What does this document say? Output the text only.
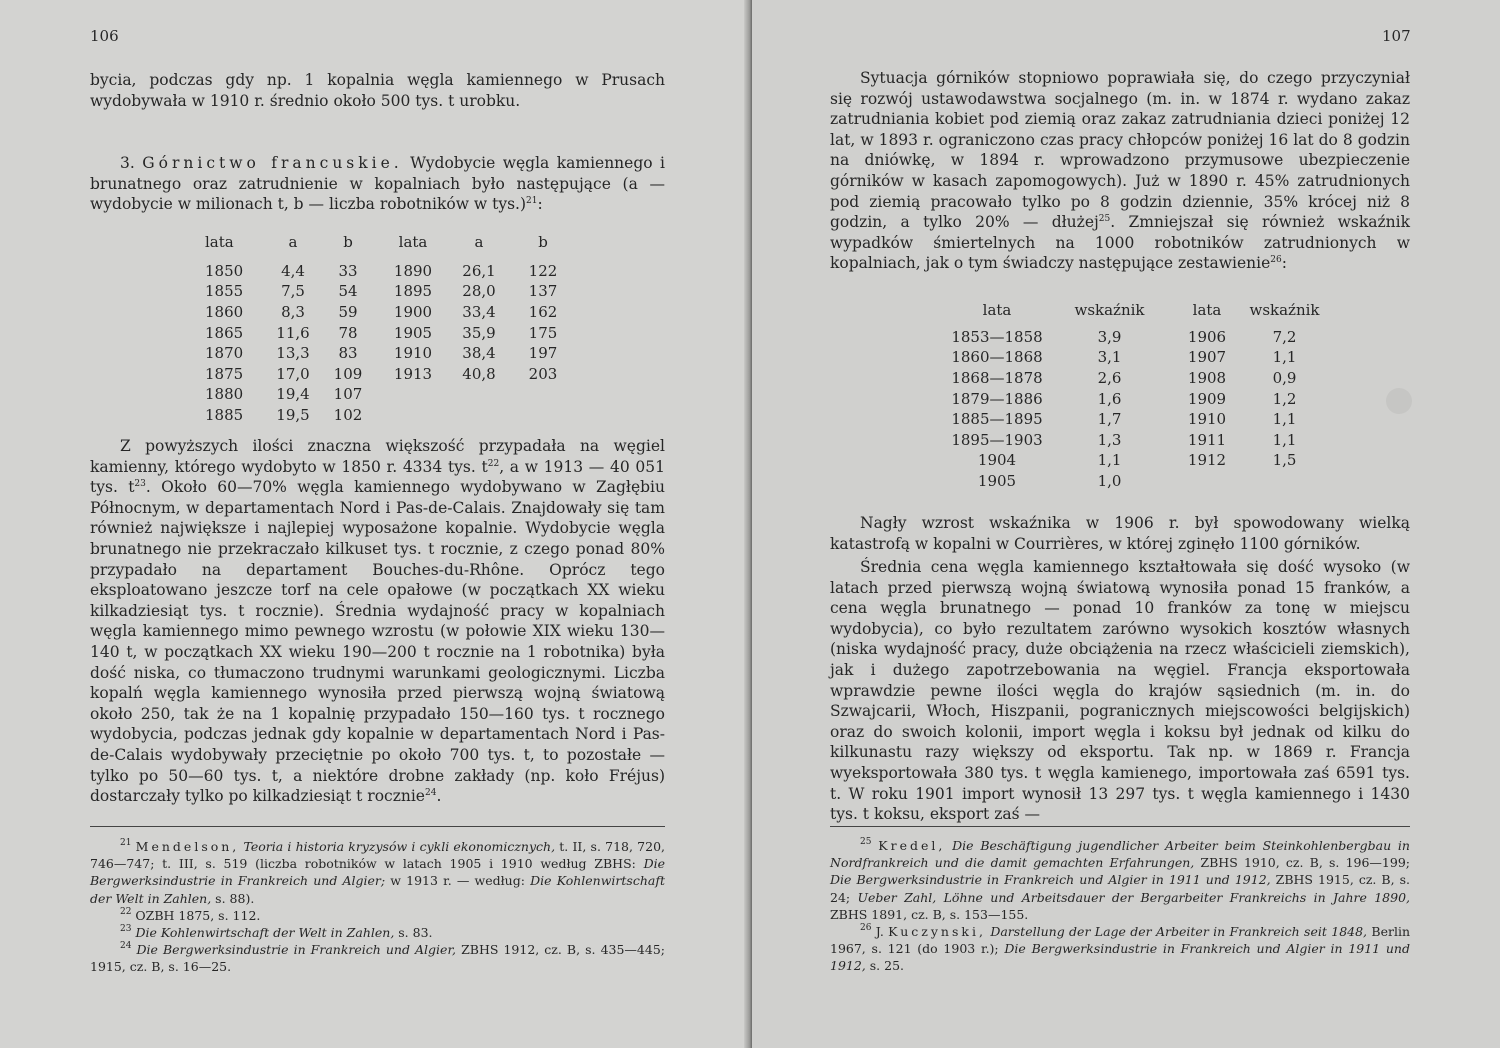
106

bycia, podczas gdy np. 1 kopalnia węgla kamiennego w Prusach wydobywała w 1910 r. średnio około 500 tys. t urobku.

3. Górnictwo francuskie. Wydobycie węgla kamiennego i brunatnego oraz zatrudnienie w kopalniach było następujące (a — wydobycie w milionach t, b — liczba robotników w tys.)$^{21}$:

lata	a	b	lata	a	b

1850	4,4	33	1890	26,1	122
1855	7,5	54	1895	28,0	137
1860	8,3	59	1900	33,4	162
1865	11,6	78	1905	35,9	175
1870	13,3	83	1910	38,4	197
1875	17,0	109	1913	40,8	203
1880	19,4	107			
1885	19,5	102			

Z powyższych ilości znaczna większość przypadała na węgiel kamienny, którego wydobyto w 1850 r. 4334 tys. $t^{22}$, a w 1913 — 40 051 tys. $t^{23}$. Około 60—70% węgla kamiennego wydobywano w Zagłębiu Północnym, w departamentach Nord i Pas-de-Calais. Znajdowały się tam również największe i najlepiej wyposażone kopalnie. Wydobycie węgla brunatnego nie przekraczało kilkuset tys. t rocznie, z czego ponad 80% przypadało na departament Bouches-du-Rhône. Oprócz tego eksploatowano jeszcze torf na cele opałowe (w początkach XX wieku kilkadziesiąt tys. t rocznie). Średnia wydajność pracy w kopalniach węgla kamiennego mimo pewnego wzrostu (w połowie XIX wieku 130—140 t, w początkach XX wieku 190—200 t rocznie na 1 robotnika) była dość niska, co tłumaczono trudnymi warunkami geologicznymi. Liczba kopalń węgla kamiennego wynosiła przed pierwszą wojną światową około 250, tak że na 1 kopalnię przypadało 150—160 tys. t rocznego wydobycia, podczas jednak gdy kopalnie w departamentach Nord i Pas-de-Calais wydobywały przeciętnie po około 700 tys. t, to pozostałe — tylko po 50—60 tys. t, a niektóre drobne zakłady (np. koło Fréjus) dostarczały tylko po kilkadziesiąt t rocznie$^{24}$.

$^{21}$ Mendelson, Teoria i historia kryzysów i cykli ekonomicznych, t. II, s. 718, 720, 746—747; t. III, s. 519 (liczba robotników w latach 1905 i 1910 według ZBHS: Die Bergwerksindustrie in Frankreich und Algier; w 1913 r. — według: Die Kohlenwirtschaft der Welt in Zahlen, s. 88).

$^{22}$ OZBH 1875, s. 112.

$^{23}$ Die Kohlenwirtschaft der Welt in Zahlen, s. 83.

$^{24}$ Die Bergwerksindustrie in Frankreich und Algier, ZBHS 1912, cz. B, s. 435—445; 1915, cz. B, s. 16—25.

107

Sytuacja górników stopniowo poprawiała się, do czego przyczyniał się rozwój ustawodawstwa socjalnego (m. in. w 1874 r. wydano zakaz zatrudniania kobiet pod ziemią oraz zakaz zatrudniania dzieci poniżej 12 lat, w 1893 r. ograniczono czas pracy chłopców poniżej 16 lat do 8 godzin na dniówkę, w 1894 r. wprowadzono przymusowe ubezpieczenie górników w kasach zapomogowych). Już w 1890 r. 45% zatrudnionych pod ziemią pracowało tylko po 8 godzin dziennie, 35% krócej niż 8 godzin, a tylko 20% — dłużej$^{25}$. Zmniejszał się również wskaźnik wypadków śmiertelnych na 1000 robotników zatrudnionych w kopalniach, jak o tym świadczy następujące zestawienie$^{26}$:

lata	wskaźnik	lata	wskaźnik

1853—1858	3,9	1906	7,2
1860—1868	3,1	1907	1,1
1868—1878	2,6	1908	0,9
1879—1886	1,6	1909	1,2
1885—1895	1,7	1910	1,1
1895—1903	1,3	1911	1,1
1904	1,1	1912	1,5
1905	1,0		

Nagły wzrost wskaźnika w 1906 r. był spowodowany wielką katastrofą w kopalni w Courrières, w której zginęło 1100 górników.

Średnia cena węgla kamiennego kształtowała się dość wysoko (w latach przed pierwszą wojną światową wynosiła ponad 15 franków, a cena węgla brunatnego — ponad 10 franków za tonę w miejscu wydobycia), co było rezultatem zarówno wysokich kosztów własnych (niska wydajność pracy, duże obciążenia na rzecz właścicieli ziemskich), jak i dużego zapotrzebowania na węgiel. Francja eksportowała wprawdzie pewne ilości węgla do krajów sąsiednich (m. in. do Szwajcarii, Włoch, Hiszpanii, pogranicznych miejscowości belgijskich) oraz do swoich kolonii, import węgla i koksu był jednak od kilku do kilkunastu razy większy od eksportu. Tak np. w 1869 r. Francja wyeksportowała 380 tys. t węgla kamienego, importowała zaś 6591 tys. t. W roku 1901 import wynosił 13 297 tys. t węgla kamiennego i 1430 tys. t koksu, eksport zaś —

$^{25}$ Kredel, Die Beschäftigung jugendlicher Arbeiter beim Steinkohlenbergbau in Nordfrankreich und die damit gemachten Erfahrungen, ZBHS 1910, cz. B, s. 196—199; Die Bergwerksindustrie in Frankreich und Algier in 1911 und 1912, ZBHS 1915, cz. B, s. 24; Ueber Zahl, Löhne und Arbeitsdauer der Bergarbeiter Frankreichs in Jahre 1890, ZBHS 1891, cz. B, s. 153—155.

$^{26}$ J. Kuczynski, Darstellung der Lage der Arbeiter in Frankreich seit 1848, Berlin 1967, s. 121 (do 1903 r.); Die Bergwerksindustrie in Frankreich und Algier in 1911 und 1912, s. 25.
